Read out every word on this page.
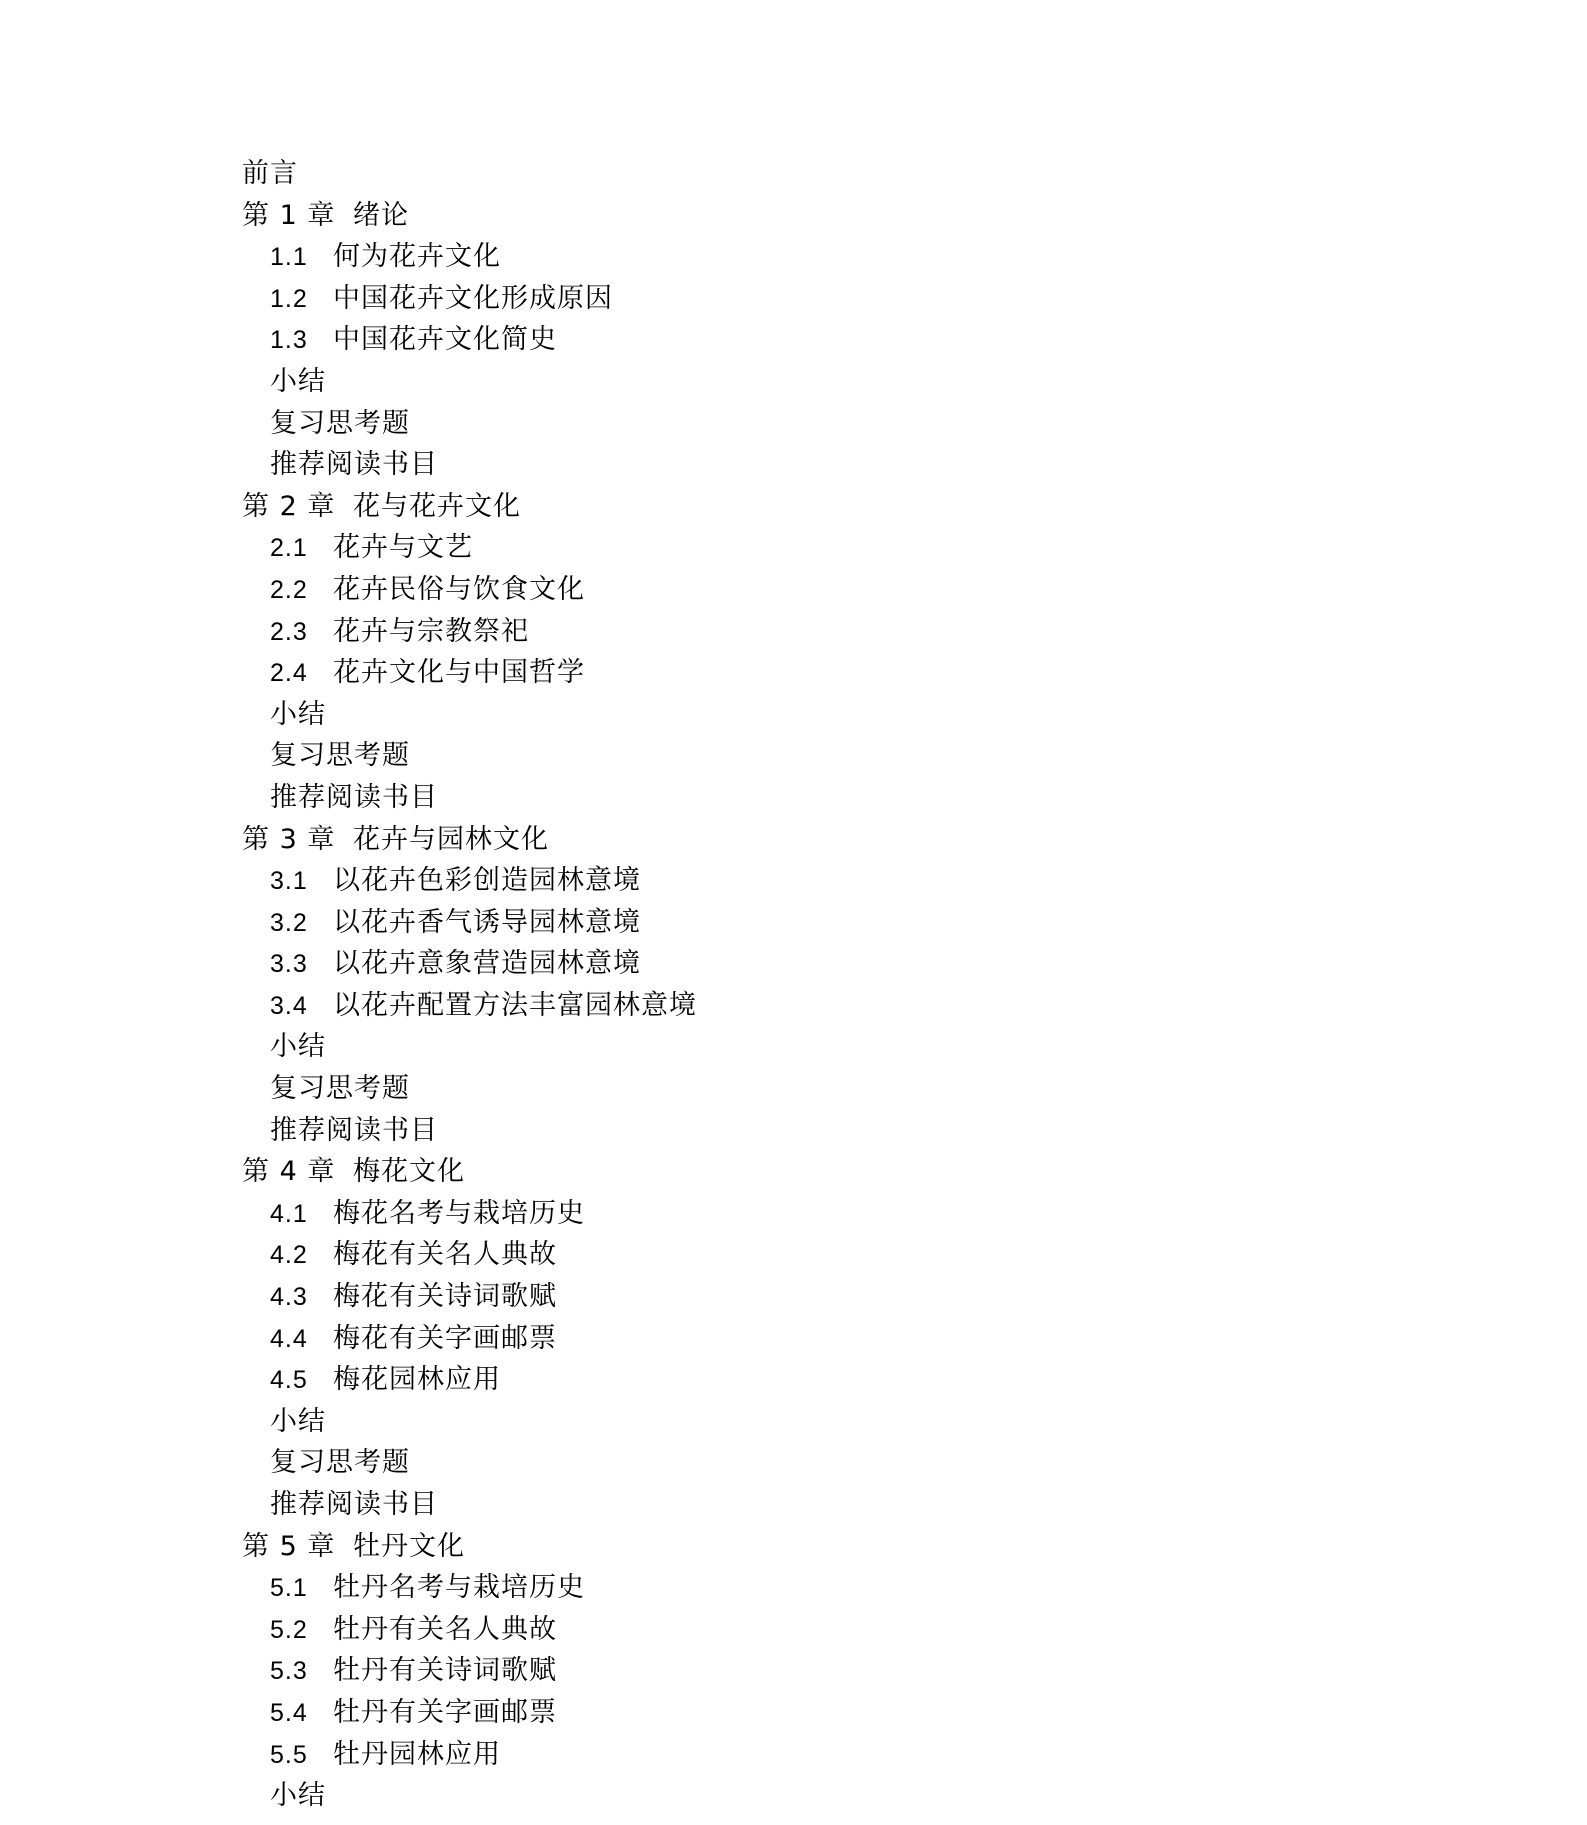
前言
第 1 章 绪论
1.1 何为花卉文化
1.2 中国花卉文化形成原因
1.3 中国花卉文化简史
小结
复习思考题
推荐阅读书目
第 2 章 花与花卉文化
2.1 花卉与文艺
2.2 花卉民俗与饮食文化
2.3 花卉与宗教祭祀
2.4 花卉文化与中国哲学
小结
复习思考题
推荐阅读书目
第 3 章 花卉与园林文化
3.1 以花卉色彩创造园林意境
3.2 以花卉香气诱导园林意境
3.3 以花卉意象营造园林意境
3.4 以花卉配置方法丰富园林意境
小结
复习思考题
推荐阅读书目
第 4 章 梅花文化
4.1 梅花名考与栽培历史
4.2 梅花有关名人典故
4.3 梅花有关诗词歌赋
4.4 梅花有关字画邮票
4.5 梅花园林应用
小结
复习思考题
推荐阅读书目
第 5 章 牡丹文化
5.1 牡丹名考与栽培历史
5.2 牡丹有关名人典故
5.3 牡丹有关诗词歌赋
5.4 牡丹有关字画邮票
5.5 牡丹园林应用
小结
